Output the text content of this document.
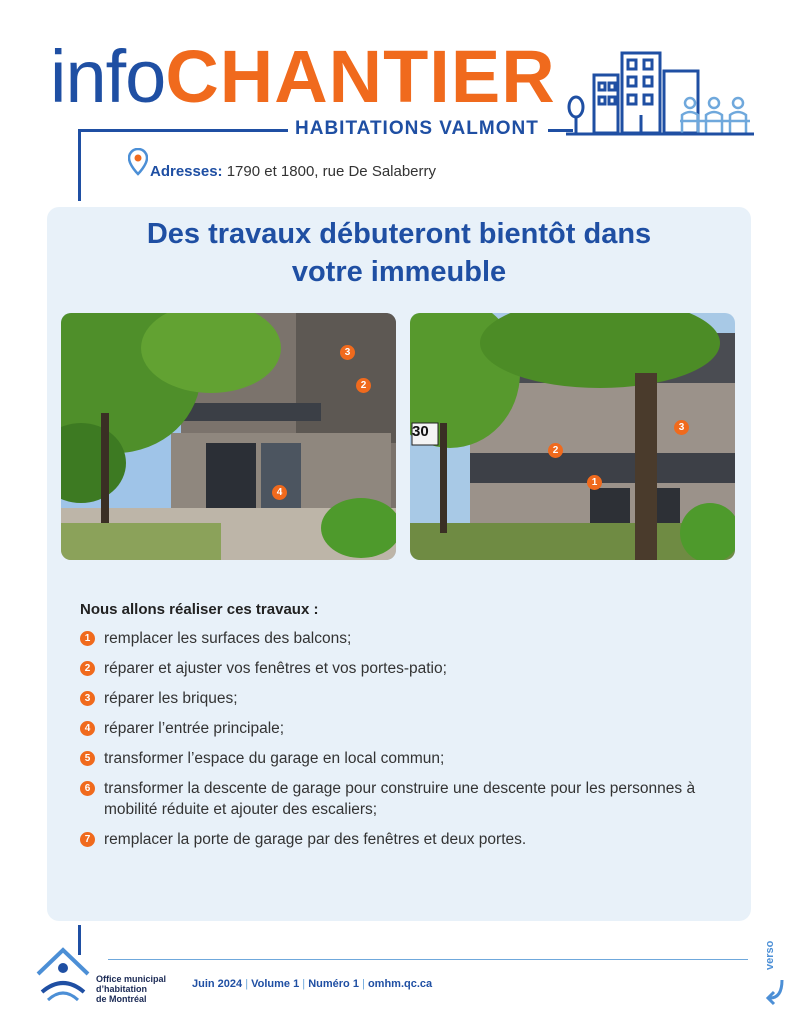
infoCHANTIER
HABITATIONS VALMONT
Adresses: 1790 et 1800, rue De Salaberry
Des travaux débuteront bientôt dans
votre immeuble
3
2
4
30	3
2
1
Nous allons réaliser ces travaux :
1 remplacer les surfaces des balcons;
2 réparer et ajuster vos fenêtres et vos portes-patio;
3 réparer les briques;
4 réparer l’entrée principale;
5 transformer l’espace du garage en local commun;
6 transformer la descente de garage pour construire une descente pour les personnes à mobilité réduite et ajouter des escaliers;
7 remplacer la porte de garage par des fenêtres et deux portes.
Office municipal
d’habitation
de Montréal
Juin 2024 | Volume 1 | Numéro 1 | omhm.qc.ca
verso
